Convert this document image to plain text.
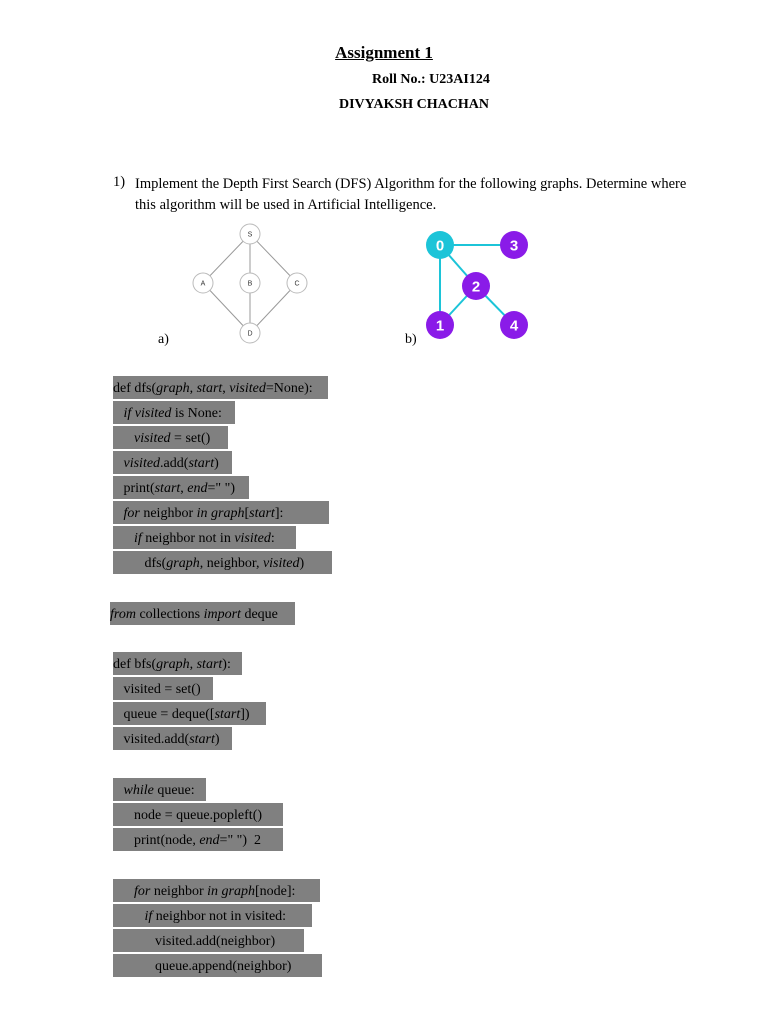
Assignment 1
Roll No.: U23AI124
DIVYAKSH CHACHAN
1) Implement the Depth First Search (DFS) Algorithm for the following graphs. Determine where this algorithm will be used in Artificial Intelligence.
S
A	B	C
D
a)
0
1
2
3
4
b)
def dfs(graph, start, visited=None):
if visited is None:
visited = set()
visited.add(start)
print(start, end=" ")
for neighbor in graph[start]:
if neighbor not in visited:
dfs(graph, neighbor, visited)
from collections import deque
def bfs(graph, start):
visited = set()
queue = deque([start])
visited.add(start)
while queue:
node = queue.popleft()
print(node, end=" ")  2
for neighbor in graph[node]:
if neighbor not in visited:
visited.add(neighbor)
queue.append(neighbor)
